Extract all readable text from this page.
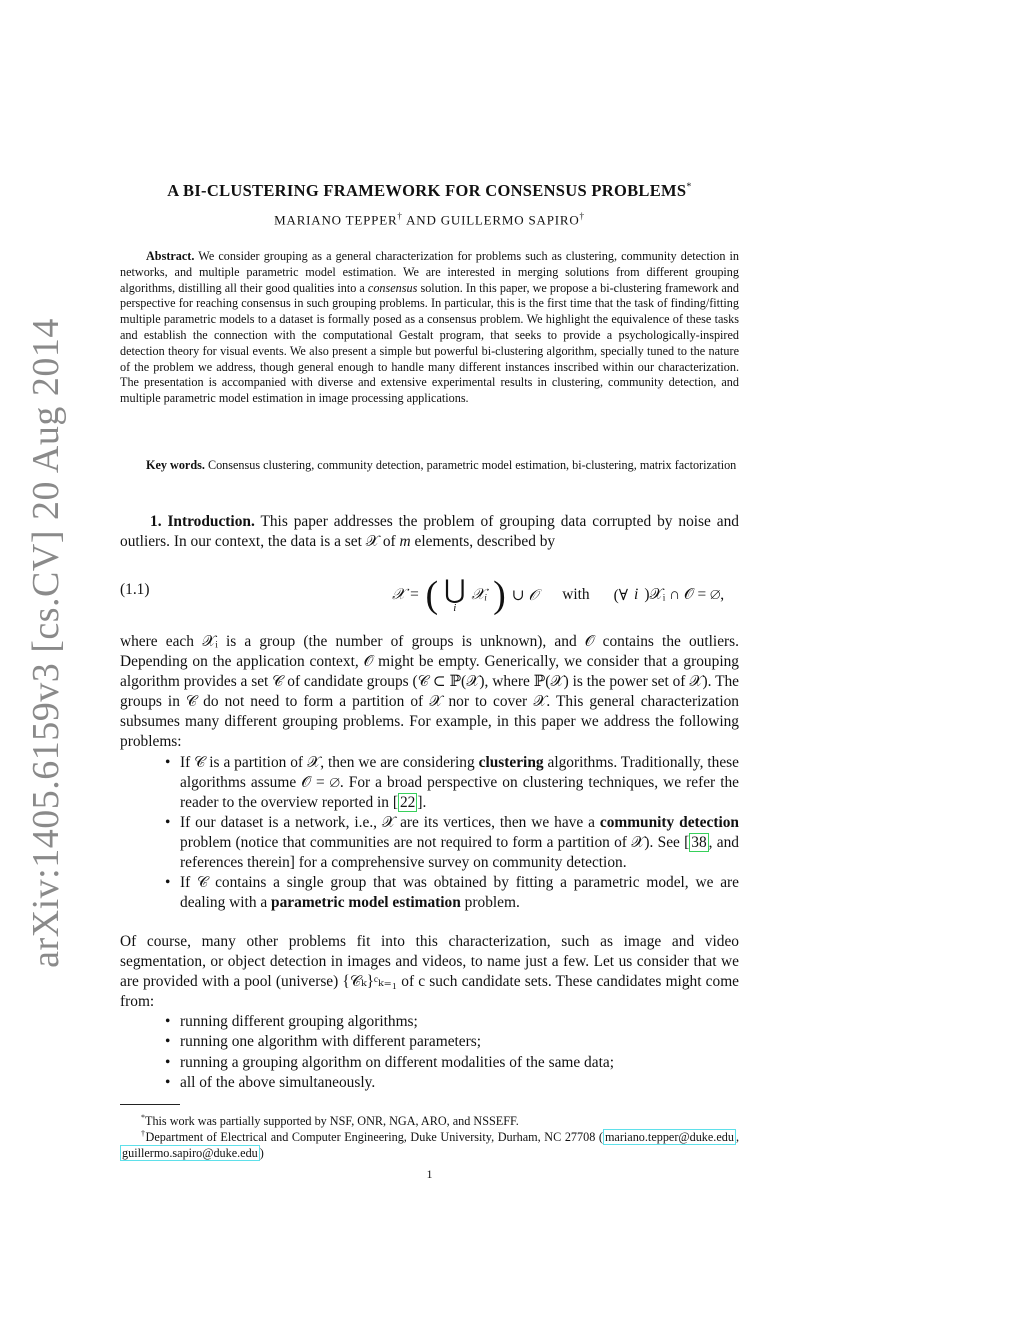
arXiv:1405.6159v3 [cs.CV] 20 Aug 2014
A BI-CLUSTERING FRAMEWORK FOR CONSENSUS PROBLEMS*
MARIANO TEPPER† AND GUILLERMO SAPIRO†
Abstract. We consider grouping as a general characterization for problems such as clustering, community detection in networks, and multiple parametric model estimation. We are interested in merging solutions from different grouping algorithms, distilling all their good qualities into a consensus solution. In this paper, we propose a bi-clustering framework and perspective for reaching consensus in such grouping problems. In particular, this is the first time that the task of finding/fitting multiple parametric models to a dataset is formally posed as a consensus problem. We highlight the equivalence of these tasks and establish the connection with the computational Gestalt program, that seeks to provide a psychologically-inspired detection theory for visual events. We also present a simple but powerful bi-clustering algorithm, specially tuned to the nature of the problem we address, though general enough to handle many different instances inscribed within our characterization. The presentation is accompanied with diverse and extensive experimental results in clustering, community detection, and multiple parametric model estimation in image processing applications.
Key words. Consensus clustering, community detection, parametric model estimation, bi-clustering, matrix factorization
1. Introduction. This paper addresses the problem of grouping data corrupted by noise and outliers. In our context, the data is a set 𝒳 of m elements, described by
(1.1)	𝒳 = ( ⋃
i
𝒳ᵢ ) ∪ 𝒪 with (∀ i )𝒳ᵢ ∩ 𝒪 = ∅,
where each 𝒳ᵢ is a group (the number of groups is unknown), and 𝒪 contains the outliers. Depending on the application context, 𝒪 might be empty. Generically, we consider that a grouping algorithm provides a set 𝒞 of candidate groups (𝒞 ⊂ ℙ(𝒳), where ℙ(𝒳) is the power set of 𝒳). The groups in 𝒞 do not need to form a partition of 𝒳 nor to cover 𝒳. This general characterization subsumes many different grouping problems. For example, in this paper we address the following problems:
• If 𝒞 is a partition of 𝒳, then we are considering clustering algorithms. Traditionally, these algorithms assume 𝒪 = ∅. For a broad perspective on clustering techniques, we refer the reader to the overview reported in [ 22 ].
• If our dataset is a network, i.e., 𝒳 are its vertices, then we have a community detection problem (notice that communities are not required to form a partition of 𝒳). See [ 38 , and references therein] for a comprehensive survey on community detection.
• If 𝒞 contains a single group that was obtained by fitting a parametric model, we are dealing with a parametric model estimation problem.
Of course, many other problems fit into this characterization, such as image and video segmentation, or object detection in images and videos, to name just a few. Let us consider that we are provided with a pool (universe) {𝒞ₖ}ᶜₖ₌₁ of c such candidate sets. These candidates might come from:
• running different grouping algorithms;
• running one algorithm with different parameters;
• running a grouping algorithm on different modalities of the same data;
• all of the above simultaneously.
*This work was partially supported by NSF, ONR, NGA, ARO, and NSSEFF.
†Department of Electrical and Computer Engineering, Duke University, Durham, NC 27708 ( mariano.tepper@duke.edu , guillermo.sapiro@duke.edu )
1
